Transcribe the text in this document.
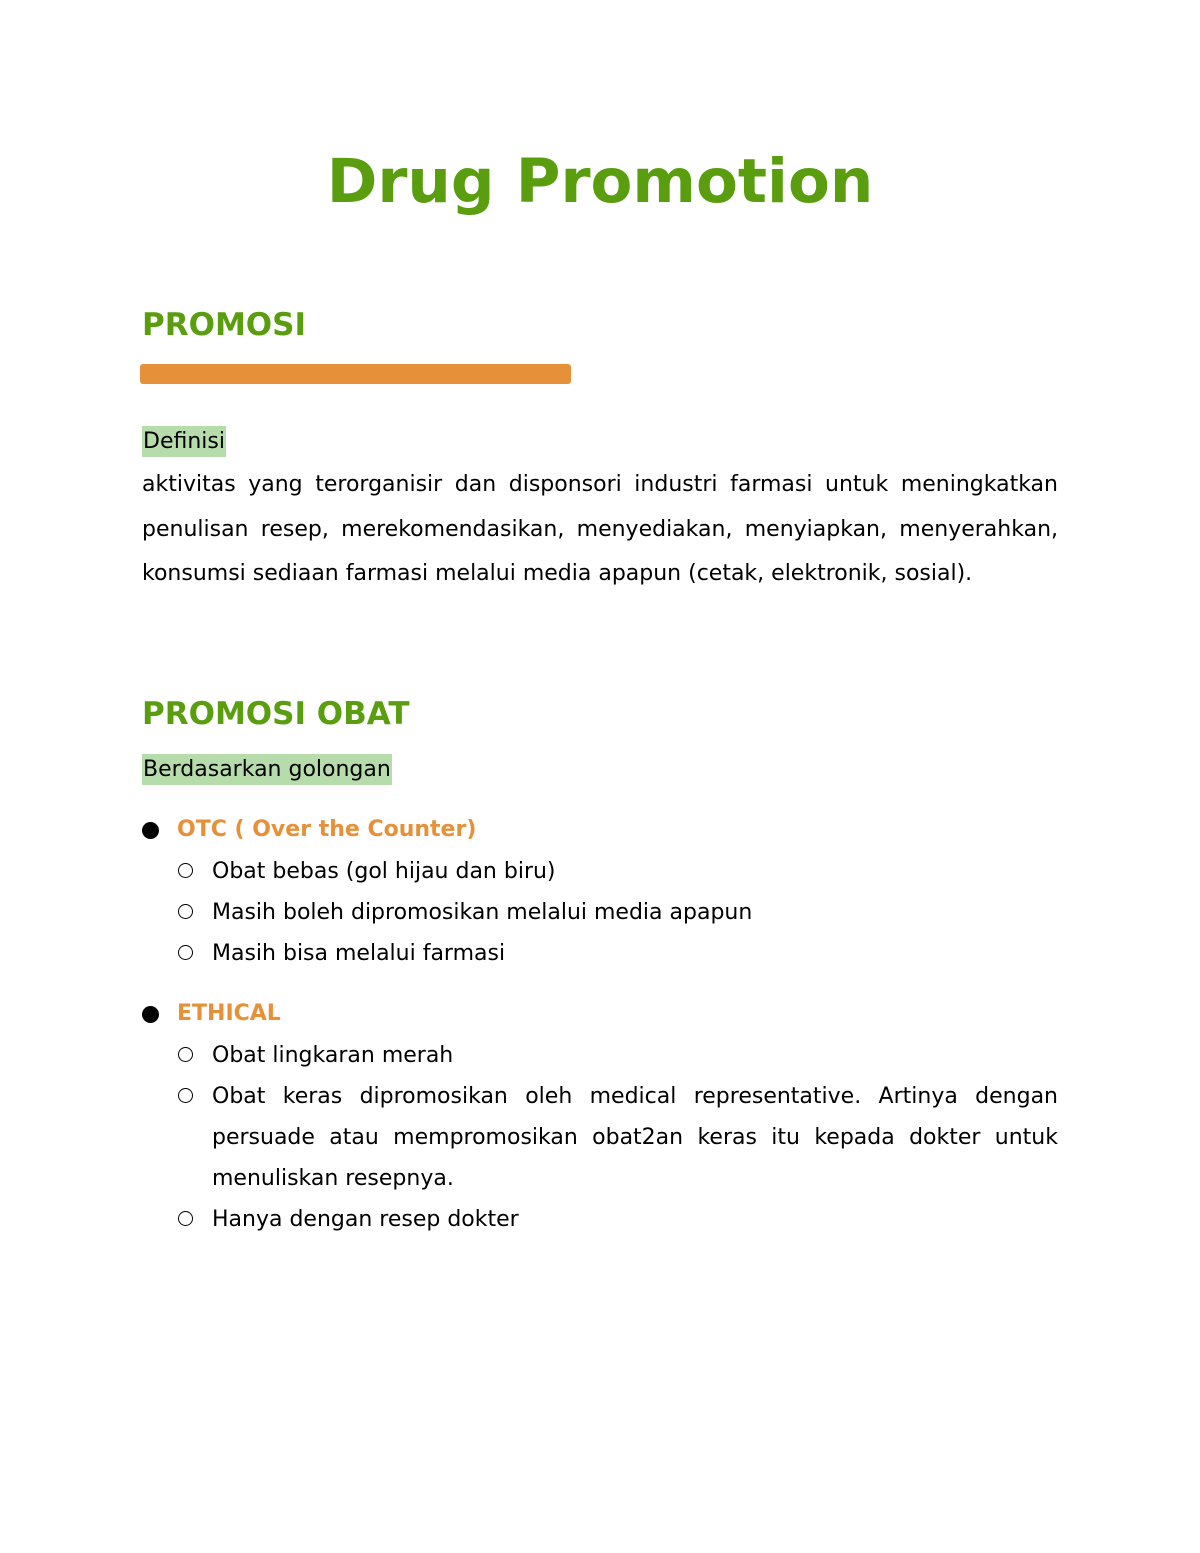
Drug Promotion
PROMOSI
Definisi

aktivitas yang terorganisir dan disponsori industri farmasi untuk meningkatkan penulisan resep, merekomendasikan, menyediakan, menyiapkan, menyerahkan, konsumsi sediaan farmasi melalui media apapun (cetak, elektronik, sosial).

PROMOSI OBAT
Berdasarkan golongan
OTC ( Over the Counter)

Obat bebas (gol hijau dan biru)

Masih boleh dipromosikan melalui media apapun

Masih bisa melalui farmasi

ETHICAL

Obat lingkaran merah

Obat keras dipromosikan oleh medical representative. Artinya dengan persuade atau mempromosikan obat2an keras itu kepada dokter untuk menuliskan resepnya.

Hanya dengan resep dokter
